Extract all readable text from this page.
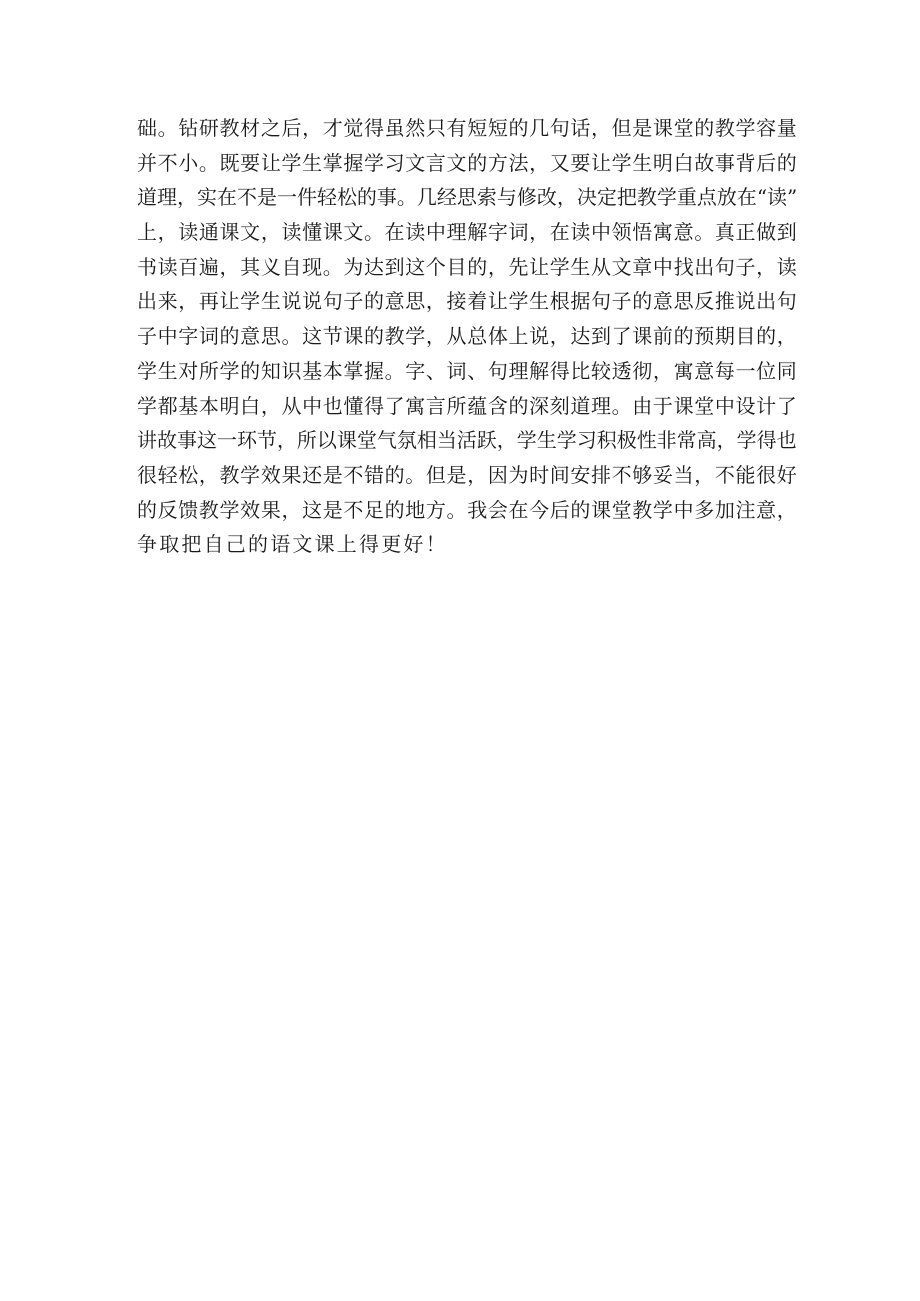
础。钻研教材之后，才觉得虽然只有短短的几句话，但是课堂的教学容量
并不小。既要让学生掌握学习文言文的方法，又要让学生明白故事背后的
道理，实在不是一件轻松的事。几经思索与修改，决定把教学重点放在“读”
上，读通课文，读懂课文。在读中理解字词，在读中领悟寓意。真正做到
书读百遍，其义自现。为达到这个目的，先让学生从文章中找出句子，读
出来，再让学生说说句子的意思，接着让学生根据句子的意思反推说出句
子中字词的意思。这节课的教学，从总体上说，达到了课前的预期目的，
学生对所学的知识基本掌握。字、词、句理解得比较透彻，寓意每一位同
学都基本明白，从中也懂得了寓言所蕴含的深刻道理。由于课堂中设计了
讲故事这一环节，所以课堂气氛相当活跃，学生学习积极性非常高，学得也
很轻松，教学效果还是不错的。但是，因为时间安排不够妥当，不能很好
的反馈教学效果，这是不足的地方。我会在今后的课堂教学中多加注意，
争取把自己的语文课上得更好！
